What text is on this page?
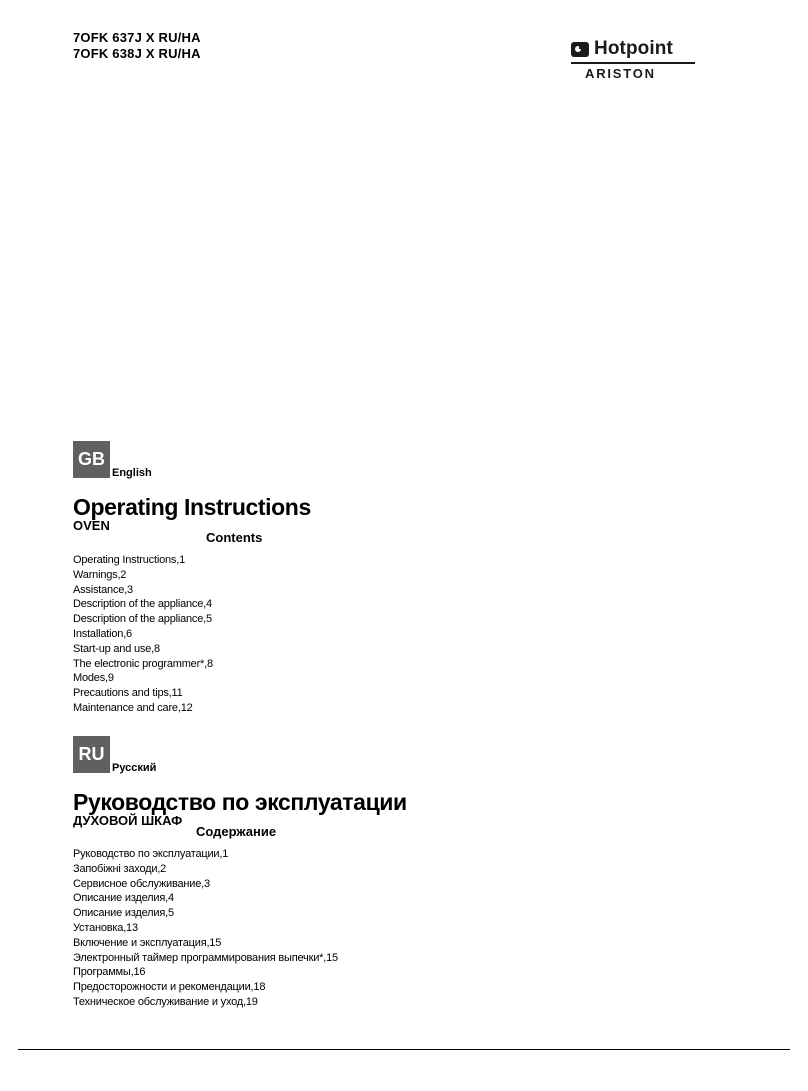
7OFK 637J X RU/HA
7OFK 638J X RU/HA	Hotpoint
ARISTON
GB
English
Operating Instructions
OVEN
Contents
Operating Instructions,1
Warnings,2
Assistance,3
Description of the appliance,4
Description of the appliance,5
Installation,6
Start-up and use,8
The electronic programmer*,8
Modes,9
Precautions and tips,11
Maintenance and care,12
RU
Русский
Руководство по эксплуатации
ДУХОВОЙ ШКАФ
Содержание
Руководство по эксплуатации,1
Запобіжні заходи,2
Сервисное обслуживание,3
Описание изделия,4
Описание изделия,5
Установка,13
Включение и эксплуатация,15
Электронный таймер программирования выпечки*,15
Программы,16
Предосторожности и рекомендации,18
Техническое обслуживание и уход,19
